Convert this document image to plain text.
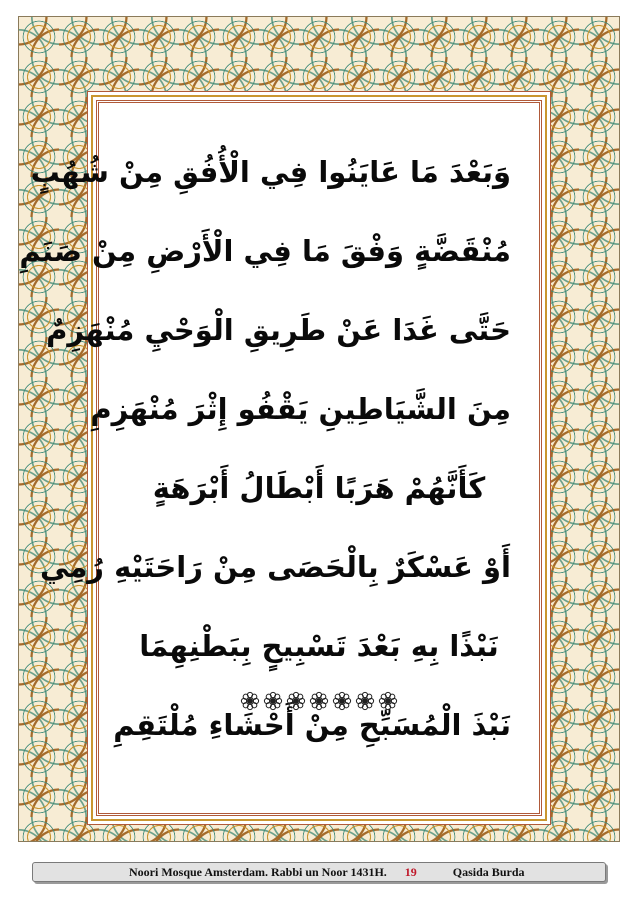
وَبَعْدَ مَا عَايَنُوا فِي الْأُفُقِ مِنْ شُهُبٍ
مُنْقَضَّةٍ وَفْقَ مَا فِي الْأَرْضِ مِنْ صَنَمِ
حَتَّى غَدَا عَنْ طَرِيقِ الْوَحْيِ مُنْهَزِمٌ
مِنَ الشَّيَاطِينِ يَقْفُو إِثْرَ مُنْهَزِمِ
كَأَنَّهُمْ هَرَبًا أَبْطَالُ أَبْرَهَةٍ
أَوْ عَسْكَرٌ بِالْحَصَى مِنْ رَاحَتَيْهِ رُمِي
نَبْذًا بِهِ بَعْدَ تَسْبِيحٍ بِبَطْنِهِمَا
نَبْذَ الْمُسَبِّحِ مِنْ أَحْشَاءِ مُلْتَقِمِ
Noori Mosque Amsterdam. Rabbi un Noor 1431H. 19	Qasida Burda
